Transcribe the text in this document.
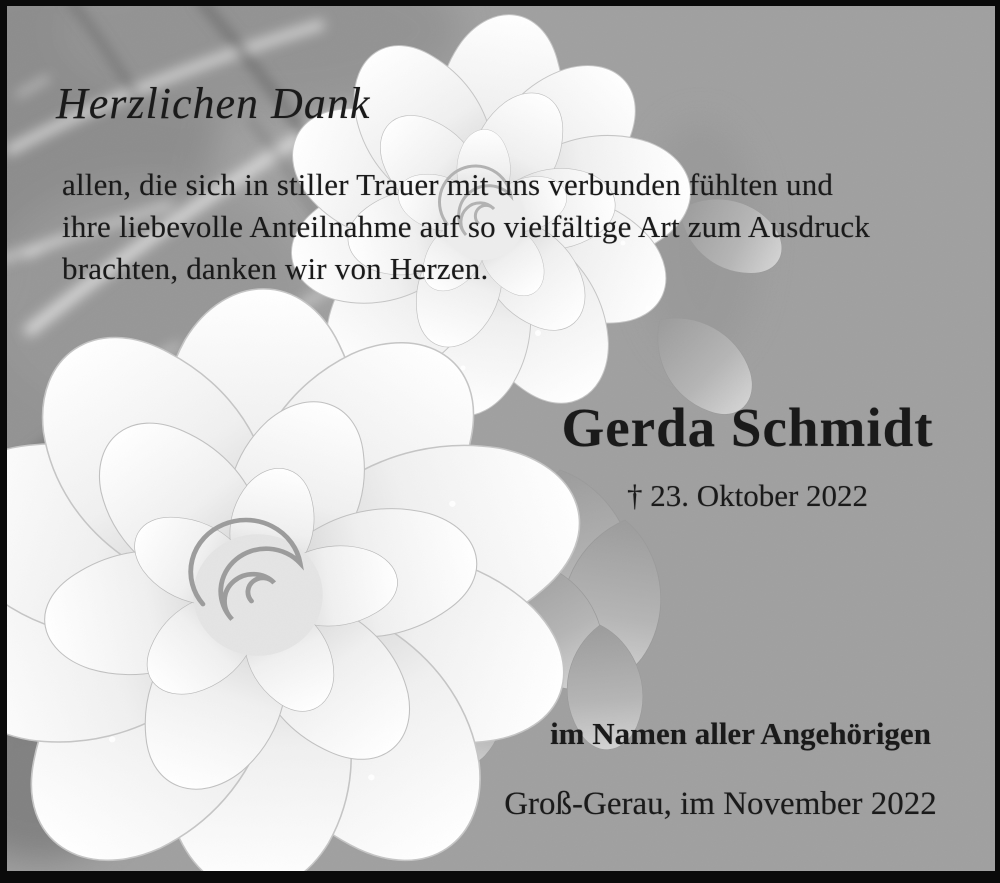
Herzlichen Dank
allen, die sich in stiller Trauer mit uns verbunden fühlten und
ihre liebevolle Anteilnahme auf so vielfältige Art zum Ausdruck
brachten, danken wir von Herzen.
Gerda Schmidt
† 23. Oktober 2022
im Namen aller Angehörigen
Groß-Gerau, im November 2022
